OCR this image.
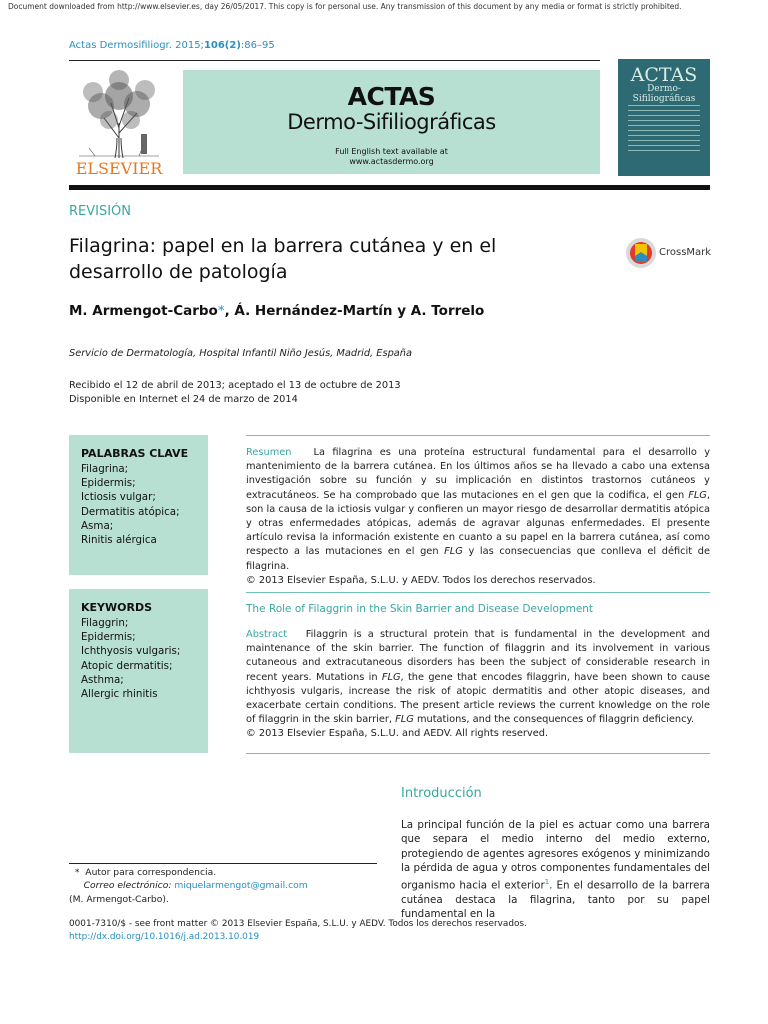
Document downloaded from http://www.elsevier.es, day 26/05/2017. This copy is for personal use. Any transmission of this document by any media or format is strictly prohibited.
Actas Dermosifiliogr. 2015;106(2):86–95
ELSEVIER
ACTAS
Dermo-Sifiliográficas
Full English text available at
www.actasdermo.org
ACTAS
Dermo-Sifiliográficas
REVISIÓN
Filagrina: papel en la barrera cutánea y en el desarrollo de patología
CrossMark
M. Armengot-Carbo*, Á. Hernández-Martín y A. Torrelo
Servicio de Dermatología, Hospital Infantil Niño Jesús, Madrid, España
Recibido el 12 de abril de 2013; aceptado el 13 de octubre de 2013
Disponible en Internet el 24 de marzo de 2014
PALABRAS CLAVE
Filagrina;
Epidermis;
Ictiosis vulgar;
Dermatitis atópica;
Asma;
Rinitis alérgica
KEYWORDS
Filaggrin;
Epidermis;
Ichthyosis vulgaris;
Atopic dermatitis;
Asthma;
Allergic rhinitis
Resumen La filagrina es una proteína estructural fundamental para el desarrollo y mantenimiento de la barrera cutánea. En los últimos años se ha llevado a cabo una extensa investigación sobre su función y su implicación en distintos trastornos cutáneos y extracutáneos. Se ha comprobado que las mutaciones en el gen que la codifica, el gen FLG, son la causa de la ictiosis vulgar y confieren un mayor riesgo de desarrollar dermatitis atópica y otras enfermedades atópicas, además de agravar algunas enfermedades. El presente artículo revisa la información existente en cuanto a su papel en la barrera cutánea, así como respecto a las mutaciones en el gen FLG y las consecuencias que conlleva el déficit de filagrina.
© 2013 Elsevier España, S.L.U. y AEDV. Todos los derechos reservados.
The Role of Filaggrin in the Skin Barrier and Disease Development
Abstract Filaggrin is a structural protein that is fundamental in the development and maintenance of the skin barrier. The function of filaggrin and its involvement in various cutaneous and extracutaneous disorders has been the subject of considerable research in recent years. Mutations in FLG, the gene that encodes filaggrin, have been shown to cause ichthyosis vulgaris, increase the risk of atopic dermatitis and other atopic diseases, and exacerbate certain conditions. The present article reviews the current knowledge on the role of filaggrin in the skin barrier, FLG mutations, and the consequences of filaggrin deficiency.
© 2013 Elsevier España, S.L.U. and AEDV. All rights reserved.
Introducción
La principal función de la piel es actuar como una barrera que separa el medio interno del medio externo, protegiendo de agentes agresores exógenos y minimizando la pérdida de agua y otros componentes fundamentales del organismo hacia el exterior$^1$. En el desarrollo de la barrera cutánea destaca la filagrina, tanto por su papel fundamental en la
* Autor para correspondencia.
Correo electrónico: miquelarmengot@gmail.com
(M. Armengot-Carbo).
0001-7310/$ - see front matter © 2013 Elsevier España, S.L.U. y AEDV. Todos los derechos reservados.
http://dx.doi.org/10.1016/j.ad.2013.10.019
